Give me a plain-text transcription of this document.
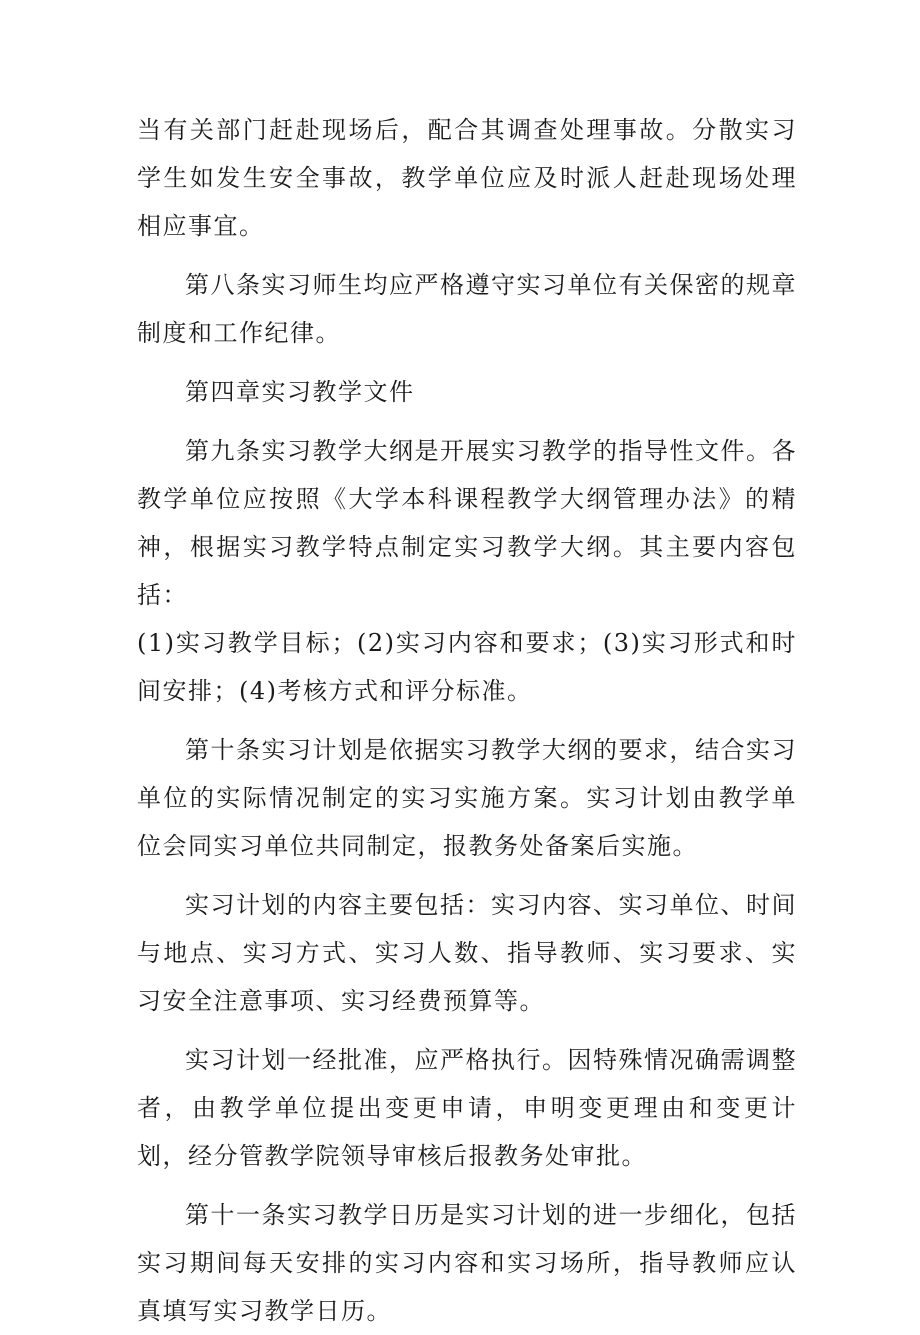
当有关部门赶赴现场后，配合其调查处理事故。分散实习学生如发生安全事故，教学单位应及时派人赶赴现场处理相应事宜。

第八条实习师生均应严格遵守实习单位有关保密的规章制度和工作纪律。

第四章实习教学文件

第九条实习教学大纲是开展实习教学的指导性文件。各教学单位应按照《大学本科课程教学大纲管理办法》的精神，根据实习教学特点制定实习教学大纲。其主要内容包括：

(1)实习教学目标；(2)实习内容和要求；(3)实习形式和时间安排；(4)考核方式和评分标准。

第十条实习计划是依据实习教学大纲的要求，结合实习单位的实际情况制定的实习实施方案。实习计划由教学单位会同实习单位共同制定，报教务处备案后实施。

实习计划的内容主要包括：实习内容、实习单位、时间与地点、实习方式、实习人数、指导教师、实习要求、实习安全注意事项、实习经费预算等。

实习计划一经批准，应严格执行。因特殊情况确需调整者，由教学单位提出变更申请，申明变更理由和变更计划，经分管教学院领导审核后报教务处审批。

第十一条实习教学日历是实习计划的进一步细化，包括实习期间每天安排的实习内容和实习场所，指导教师应认真填写实习教学日历。
